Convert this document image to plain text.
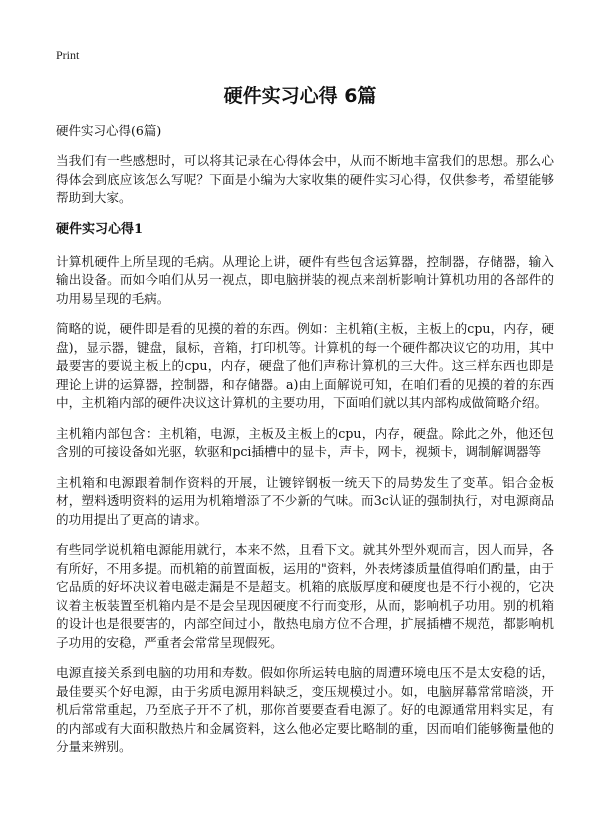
Print
硬件实习心得 6篇

硬件实习心得(6篇)

当我们有一些感想时，可以将其记录在心得体会中，从而不断地丰富我们的思想。那么心得体会到底应该怎么写呢？下面是小编为大家收集的硬件实习心得，仅供参考，希望能够帮助到大家。

硬件实习心得1

计算机硬件上所呈现的毛病。从理论上讲，硬件有些包含运算器，控制器，存储器，输入输出设备。而如今咱们从另一视点，即电脑拼装的视点来剖析影响计算机功用的各部件的功用易呈现的毛病。

简略的说，硬件即是看的见摸的着的东西。例如：主机箱(主板，主板上的cpu，内存，硬盘)，显示器，键盘，鼠标，音箱，打印机等。计算机的每一个硬件都决议它的功用，其中最要害的要说主板上的cpu，内存，硬盘了他们声称计算机的三大件。这三样东西也即是理论上讲的运算器，控制器，和存储器。a)由上面解说可知，在咱们看的见摸的着的东西中，主机箱内部的硬件决议这计算机的主要功用，下面咱们就以其内部构成做简略介绍。

主机箱内部包含：主机箱，电源，主板及主板上的cpu，内存，硬盘。除此之外，他还包含别的可接设备如光驱，软驱和pci插槽中的显卡，声卡，网卡，视频卡，调制解调器等

主机箱和电源跟着制作资料的开展，让镀锌钢板一统天下的局势发生了变革。铝合金板材，塑料透明资料的运用为机箱增添了不少新的气味。而3c认证的强制执行，对电源商品的功用提出了更高的请求。

有些同学说机箱电源能用就行，本来不然，且看下文。就其外型外观而言，因人而异，各有所好，不用多提。而机箱的前置面板，运用的"资料，外表烤漆质量值得咱们酌量，由于它品质的好坏决议着电磁走漏是不是超支。机箱的底版厚度和硬度也是不行小视的，它决议着主板装置至机箱内是不是会呈现因硬度不行而变形，从而，影响机子功用。别的机箱的设计也是很要害的，内部空间过小，散热电扇方位不合理，扩展插槽不规范，都影响机子功用的安稳，严重者会常常呈现假死。

电源直接关系到电脑的功用和寿数。假如你所运转电脑的周遭环境电压不是太安稳的话，最佳要买个好电源，由于劣质电源用料缺乏，变压规模过小。如，电脑屏幕常常暗淡，开机后常常重起，乃至底子开不了机，那你首要要查看电源了。好的电源通常用料实足，有的内部或有大面积散热片和金属资料，这么他必定要比略制的重，因而咱们能够衡量他的分量来辨别。
